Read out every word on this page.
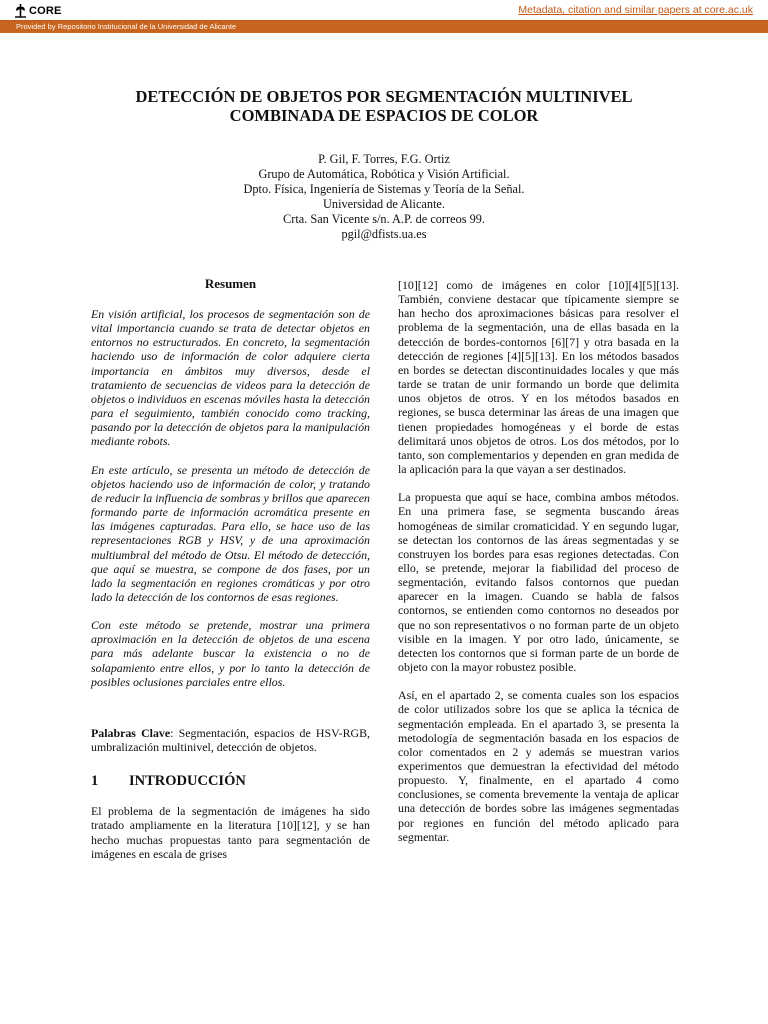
CORE	Metadata, citation and similar papers at core.ac.uk
Provided by Repositorio Institucional de la Universidad de Alicante
DETECCIÓN DE OBJETOS POR SEGMENTACIÓN MULTINIVEL
COMBINADA DE ESPACIOS DE COLOR
P. Gil, F. Torres, F.G. Ortiz
Grupo de Automática, Robótica y Visión Artificial.
Dpto. Física, Ingeniería de Sistemas y Teoría de la Señal.
Universidad de Alicante.
Crta. San Vicente s/n. A.P. de correos 99.
pgil@dfists.ua.es
Resumen

En visión artificial, los procesos de segmentación son de vital importancia cuando se trata de detectar objetos en entornos no estructurados. En concreto, la segmentación haciendo uso de información de color adquiere cierta importancia en ámbitos muy diversos, desde el tratamiento de secuencias de videos para la detección de objetos o individuos en escenas móviles hasta la detección para el seguimiento, también conocido como tracking, pasando por la detección de objetos para la manipulación mediante robots.

En este artículo, se presenta un método de detección de objetos haciendo uso de información de color, y tratando de reducir la influencia de sombras y brillos que aparecen formando parte de información acromática presente en las imágenes capturadas. Para ello, se hace uso de las representaciones RGB y HSV, y de una aproximación multiumbral del método de Otsu. El método de detección, que aquí se muestra, se compone de dos fases, por un lado la segmentación en regiones cromáticas y por otro lado la detección de los contornos de esas regiones.

Con este método se pretende, mostrar una primera aproximación en la detección de objetos de una escena para más adelante buscar la existencia o no de solapamiento entre ellos, y por lo tanto la detección de posibles oclusiones parciales entre ellos.

Palabras Clave: Segmentación, espacios de HSV-RGB, umbralización multinivel, detección de objetos.

1	INTRODUCCIÓN

El problema de la segmentación de imágenes ha sido tratado ampliamente en la literatura [10][12], y se han hecho muchas propuestas tanto para segmentación de imágenes en escala de grises

[10][12] como de imágenes en color [10][4][5][13]. También, conviene destacar que típicamente siempre se han hecho dos aproximaciones básicas para resolver el problema de la segmentación, una de ellas basada en la detección de bordes-contornos [6][7] y otra basada en la detección de regiones [4][5][13]. En los métodos basados en bordes se detectan discontinuidades locales y que más tarde se tratan de unir formando un borde que delimita unos objetos de otros. Y en los métodos basados en regiones, se busca determinar las áreas de una imagen que tienen propiedades homogéneas y el borde de estas delimitará unos objetos de otros. Los dos métodos, por lo tanto, son complementarios y dependen en gran medida de la aplicación para la que vayan a ser destinados.

La propuesta que aquí se hace, combina ambos métodos. En una primera fase, se segmenta buscando áreas homogéneas de similar cromaticidad. Y en segundo lugar, se detectan los contornos de las áreas segmentadas y se construyen los bordes para esas regiones detectadas. Con ello, se pretende, mejorar la fiabilidad del proceso de segmentación, evitando falsos contornos que puedan aparecer en la imagen. Cuando se habla de falsos contornos, se entienden como contornos no deseados por que no son representativos o no forman parte de un objeto visible en la imagen. Y por otro lado, únicamente, se detecten los contornos que si forman parte de un borde de objeto con la mayor robustez posible.

Así, en el apartado 2, se comenta cuales son los espacios de color utilizados sobre los que se aplica la técnica de segmentación empleada. En el apartado 3, se presenta la metodología de segmentación basada en los espacios de color comentados en 2 y además se muestran varios experimentos que demuestran la efectividad del método propuesto. Y, finalmente, en el apartado 4 como conclusiones, se comenta brevemente la ventaja de aplicar una detección de bordes sobre las imágenes segmentadas por regiones en función del método aplicado para segmentar.
